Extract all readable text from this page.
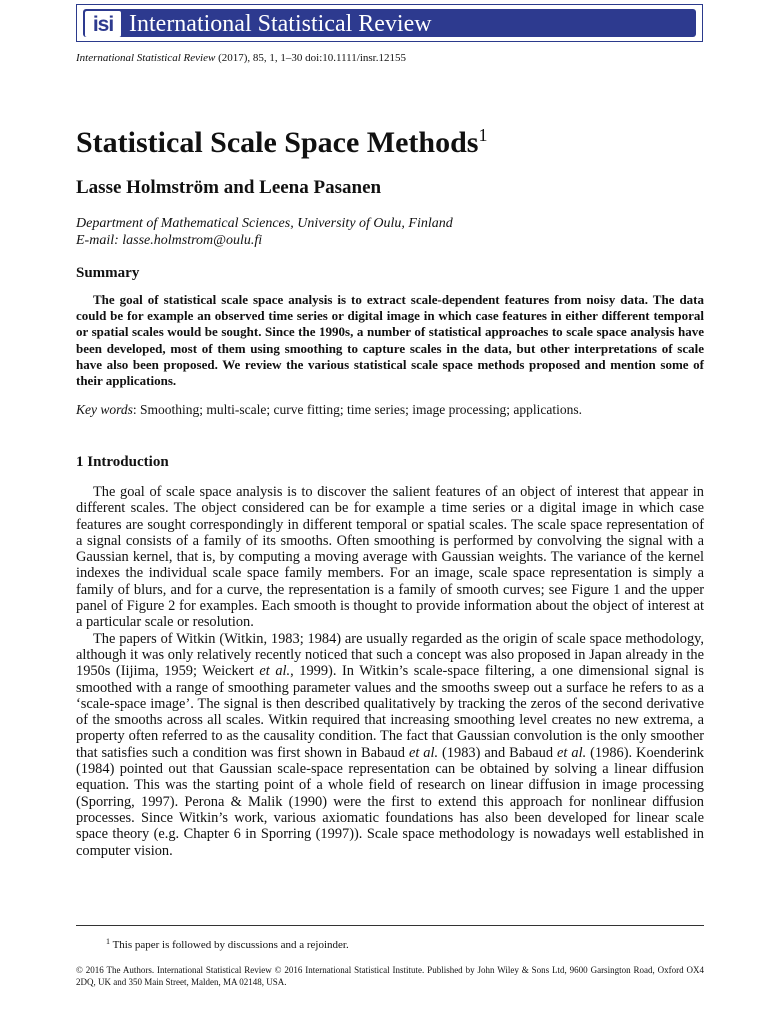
isi International Statistical Review
International Statistical Review (2017), 85, 1, 1–30 doi:10.1111/insr.12155
Statistical Scale Space Methods$^1$
Lasse Holmström and Leena Pasanen
Department of Mathematical Sciences, University of Oulu, Finland
E-mail: lasse.holmstrom@oulu.fi
Summary

The goal of statistical scale space analysis is to extract scale-dependent features from noisy data. The data could be for example an observed time series or digital image in which case features in either different temporal or spatial scales would be sought. Since the 1990s, a number of statistical approaches to scale space analysis have been developed, most of them using smoothing to capture scales in the data, but other interpretations of scale have also been proposed. We review the various statistical scale space methods proposed and mention some of their applications.

Key words: Smoothing; multi-scale; curve fitting; time series; image processing; applications.
1 Introduction

The goal of scale space analysis is to discover the salient features of an object of interest that appear in different scales. The object considered can be for example a time series or a digital image in which case features are sought correspondingly in different temporal or spatial scales. The scale space representation of a signal consists of a family of its smooths. Often smoothing is performed by convolving the signal with a Gaussian kernel, that is, by computing a moving average with Gaussian weights. The variance of the kernel indexes the individual scale space family members. For an image, scale space representation is simply a family of blurs, and for a curve, the representation is a family of smooth curves; see Figure 1 and the upper panel of Figure 2 for examples. Each smooth is thought to provide information about the object of interest at a particular scale or resolution.

The papers of Witkin (Witkin, 1983; 1984) are usually regarded as the origin of scale space methodology, although it was only relatively recently noticed that such a concept was also proposed in Japan already in the 1950s (Iijima, 1959; Weickert et al., 1999). In Witkin’s scale-space filtering, a one dimensional signal is smoothed with a range of smoothing parameter values and the smooths sweep out a surface he refers to as a ‘scale-space image’. The signal is then described qualitatively by tracking the zeros of the second derivative of the smooths across all scales. Witkin required that increasing smoothing level creates no new extrema, a property often referred to as the causality condition. The fact that Gaussian convolution is the only smoother that satisfies such a condition was first shown in Babaud et al. (1983) and Babaud et al. (1986). Koenderink (1984) pointed out that Gaussian scale-space representation can be obtained by solving a linear diffusion equation. This was the starting point of a whole field of research on linear diffusion in image processing (Sporring, 1997). Perona & Malik (1990) were the first to extend this approach for nonlinear diffusion processes. Since Witkin’s work, various axiomatic foundations has also been developed for linear scale space theory (e.g. Chapter 6 in Sporring (1997)). Scale space methodology is nowadays well established in computer vision.

$^1$ This paper is followed by discussions and a rejoinder.
© 2016 The Authors. International Statistical Review © 2016 International Statistical Institute. Published by John Wiley & Sons Ltd, 9600 Garsington Road, Oxford OX4 2DQ, UK and 350 Main Street, Malden, MA 02148, USA.
